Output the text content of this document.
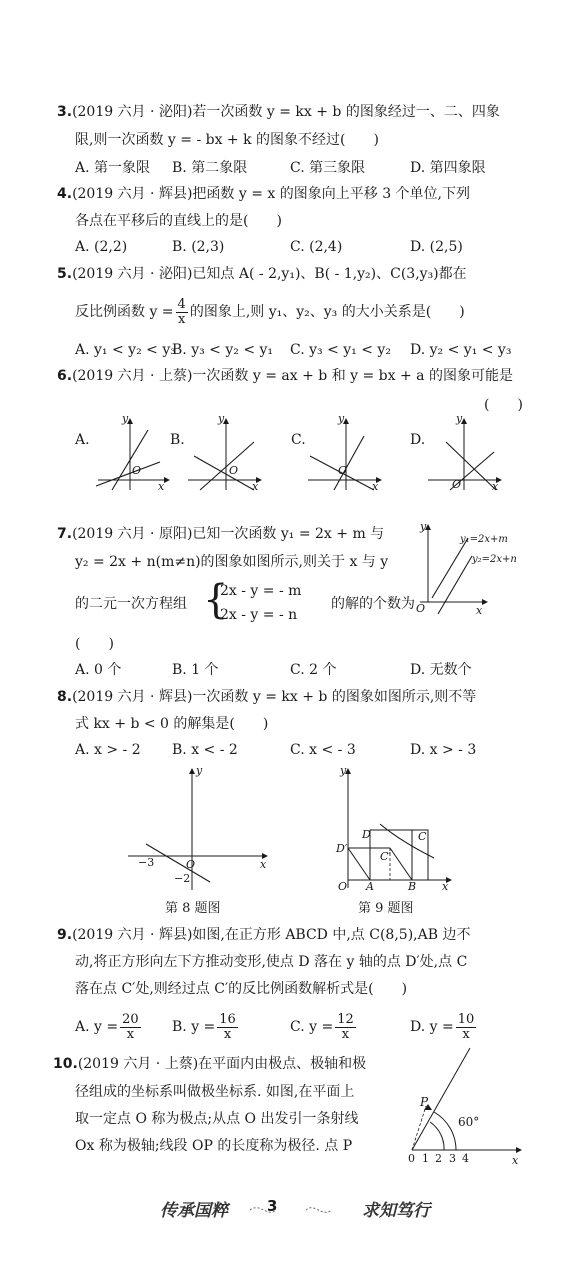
3.(2019 六月 · 泌阳)若一次函数 y = kx + b 的图象经过一、二、四象
限,则一次函数 y = - bx + k 的图象不经过(　　)
A. 第一象限 B. 第二象限	C. 第三象限	D. 第四象限
4.(2019 六月 · 辉县)把函数 y = x 的图象向上平移 3 个单位,下列
各点在平移后的直线上的是(　　)
A. (2,2)	B. (2,3)	C. (2,4)	D. (2,5)
5.(2019 六月 · 泌阳)已知点 A( - 2,y₁)、B( - 1,y₂)、C(3,y₃)都在
反比例函数 $y = \frac{4}{x}$ 的图象上,则 y₁、y₂、y₃ 的大小关系是(　　)
A. y₁ < y₂ < y₃
B. y₃ < y₂ < y₁ C. y₃ < y₁ < y₂ D. y₂ < y₁ < y₃
6.(2019 六月 · 上蔡)一次函数 y = ax + b 和 y = bx + a 的图象可能是
(　　)
A.
y
O
x
B.
y
O
x
C.
y
O
x
D.
y
O	x
7.(2019 六月 · 原阳)已知一次函数 y₁ = 2x + m 与
y₂ = 2x + n(m≠n)的图象如图所示,则关于 x 与 y
的二元一次方程组 {
2x - y = - m
2x - y = - n
的解的个数为
(　　)
A. 0 个	B. 1 个	C. 2 个	D. 无数个
y
O	x
y₁=2x+m
y₂=2x+n
8.(2019 六月 · 辉县)一次函数 y = kx + b 的图象如图所示,则不等
式 kx + b < 0 的解集是(　　)
A. x > - 2 B. x < - 2	C. x < - 3	D. x > - 3
y
O	x
−3
−2
第 8 题图
y
O	x
D′
D	C
C′
A	B
第 9 题图
9.(2019 六月 · 辉县)如图,在正方形 ABCD 中,点 C(8,5),AB 边不
动,将正方形向左下方推动变形,使点 D 落在 y 轴的点 D′处,点 C
落在点 C′处,则经过点 C′的反比例函数解析式是(　　)
A. $y = \frac{20}{x} B$. $y = \frac{16}{x}$	C. $y = \frac{12}{x}$	D. $y = \frac{10}{x}$
10.(2019 六月 · 上蔡)在平面内由极点、极轴和极
径组成的坐标系叫做极坐标系. 如图,在平面上
取一定点 O 称为极点;从点 O 出发引一条射线
Ox 称为极轴;线段 OP 的长度称为极径. 点 P
P
60°
0 1 2 3 4	x
传承国粹	3	求知笃行
